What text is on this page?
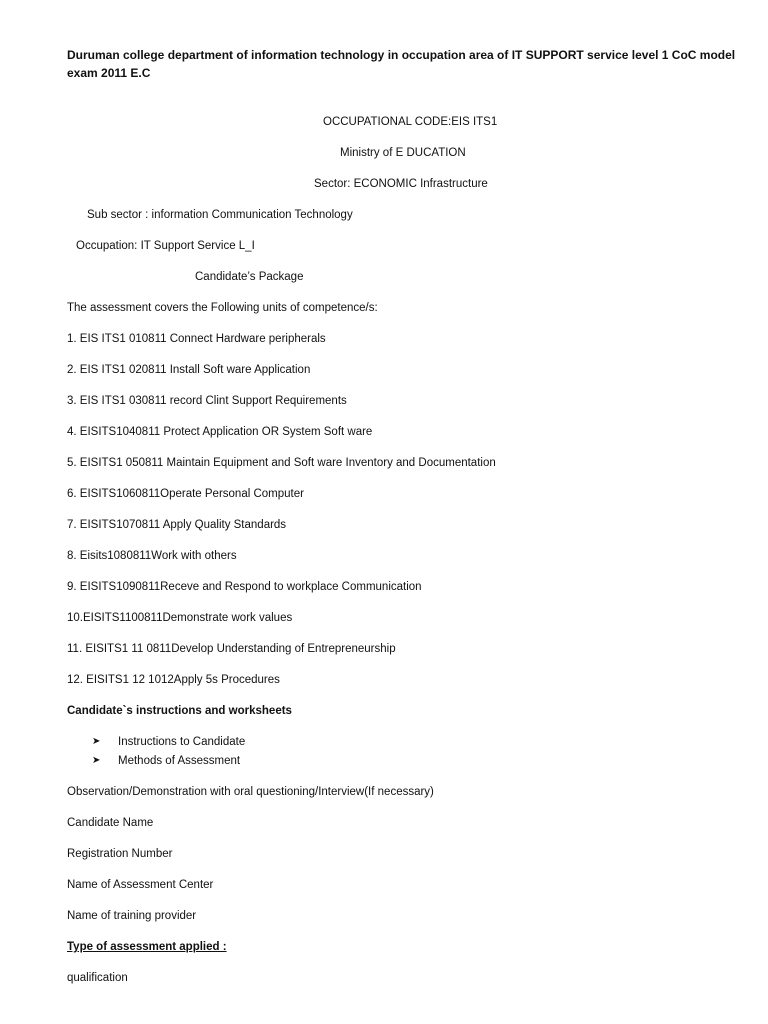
Duruman college department of information technology in occupation area of IT SUPPORT service level 1 CoC model exam 2011 E.C
OCCUPATIONAL CODE:EIS ITS1
Ministry of E DUCATION
Sector: ECONOMIC Infrastructure
Sub sector : information Communication Technology
Occupation: IT Support Service L_I
Candidate’s Package
The assessment covers the Following units of competence/s:
1. EIS ITS1 010811 Connect Hardware peripherals
2. EIS ITS1 020811 Install Soft ware Application
3. EIS ITS1 030811 record Clint Support Requirements
4. EISITS1040811 Protect Application OR System Soft ware
5. EISITS1 050811 Maintain Equipment and Soft ware Inventory and Documentation
6. EISITS1060811Operate Personal Computer
7. EISITS1070811 Apply Quality Standards
8. Eisits1080811Work with others
9. EISITS1090811Receve and Respond to workplace Communication
10.EISITS1100811Demonstrate work values
11. EISITS1 11 0811Develop Understanding of Entrepreneurship
12. EISITS1 12 1012Apply 5s Procedures
Candidate`s instructions and worksheets
➤ Instructions to Candidate
➤ Methods of Assessment
Observation/Demonstration with oral questioning/Interview(If necessary)
Candidate Name
Registration Number
Name of Assessment Center
Name of training provider
Type of assessment applied :
qualification
